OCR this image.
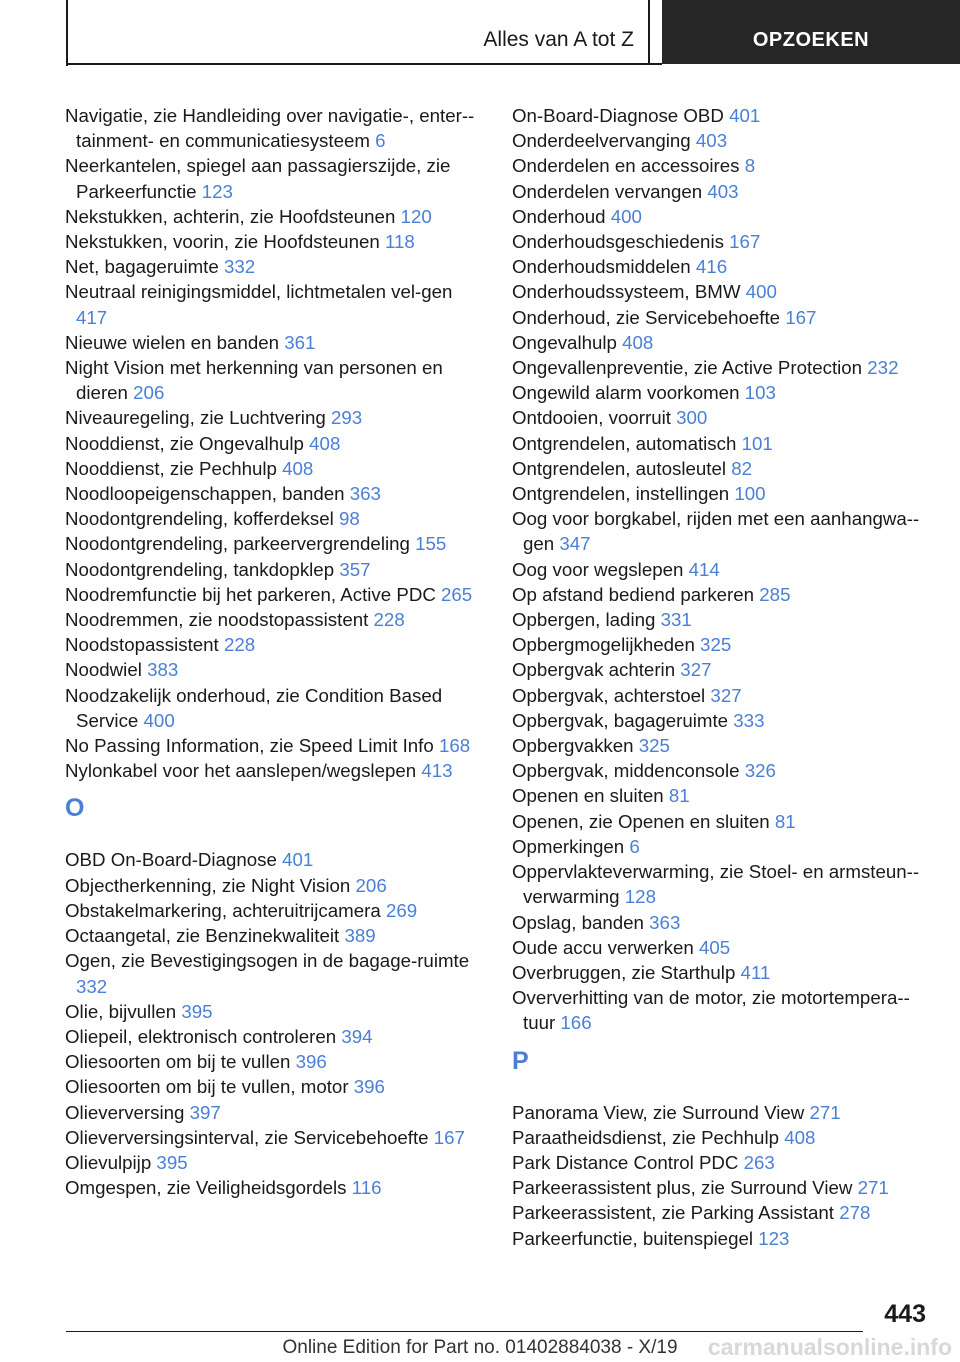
Alles van A tot Z	OPZOEKEN
Navigatie, zie Handleiding over navigatie-, enter-tainment- en communicatiesysteem 6
Neerkantelen, spiegel aan passagierszijde, zie Parkeerfunctie 123
Nekstukken, achterin, zie Hoofdsteunen 120
Nekstukken, voorin, zie Hoofdsteunen 118
Net, bagageruimte 332
Neutraal reinigingsmiddel, lichtmetalen vel-gen 417
Nieuwe wielen en banden 361
Night Vision met herkenning van personen en dieren 206
Niveauregeling, zie Luchtvering 293
Nooddienst, zie Ongevalhulp 408
Nooddienst, zie Pechhulp 408
Noodloopeigenschappen, banden 363
Noodontgrendeling, kofferdeksel 98
Noodontgrendeling, parkeervergrendeling 155
Noodontgrendeling, tankdopklep 357
Noodremfunctie bij het parkeren, Active PDC 265
Noodremmen, zie noodstopassistent 228
Noodstopassistent 228
Noodwiel 383
Noodzakelijk onderhoud, zie Condition Based Service 400
No Passing Information, zie Speed Limit Info 168
Nylonkabel voor het aanslepen/wegslepen 413
O
OBD On-Board-Diagnose 401
Objectherkenning, zie Night Vision 206
Obstakelmarkering, achteruitrijcamera 269
Octaangetal, zie Benzinekwaliteit 389
Ogen, zie Bevestigingsogen in de bagage-ruimte 332
Olie, bijvullen 395
Oliepeil, elektronisch controleren 394
Oliesoorten om bij te vullen 396
Oliesoorten om bij te vullen, motor 396
Olieverversing 397
Olieverversingsinterval, zie Servicebehoefte 167
Olievulpijp 395
Omgespen, zie Veiligheidsgordels 116
On-Board-Diagnose OBD 401
Onderdeelvervanging 403
Onderdelen en accessoires 8
Onderdelen vervangen 403
Onderhoud 400
Onderhoudsgeschiedenis 167
Onderhoudsmiddelen 416
Onderhoudssysteem, BMW 400
Onderhoud, zie Servicebehoefte 167
Ongevalhulp 408
Ongevallenpreventie, zie Active Protection 232
Ongewild alarm voorkomen 103
Ontdooien, voorruit 300
Ontgrendelen, automatisch 101
Ontgrendelen, autosleutel 82
Ontgrendelen, instellingen 100
Oog voor borgkabel, rijden met een aanhangwa-gen 347
Oog voor wegslepen 414
Op afstand bediend parkeren 285
Opbergen, lading 331
Opbergmogelijkheden 325
Opbergvak achterin 327
Opbergvak, achterstoel 327
Opbergvak, bagageruimte 333
Opbergvakken 325
Opbergvak, middenconsole 326
Openen en sluiten 81
Openen, zie Openen en sluiten 81
Opmerkingen 6
Oppervlakteverwarming, zie Stoel- en armsteun-verwarming 128
Opslag, banden 363
Oude accu verwerken 405
Overbruggen, zie Starthulp 411
Oververhitting van de motor, zie motortempera-tuur 166
P
Panorama View, zie Surround View 271
Paraatheidsdienst, zie Pechhulp 408
Park Distance Control PDC 263
Parkeerassistent plus, zie Surround View 271
Parkeerassistent, zie Parking Assistant 278
Parkeerfunctie, buitenspiegel 123
443
Online Edition for Part no. 01402884038 - X/19	carmanualsonline.info
